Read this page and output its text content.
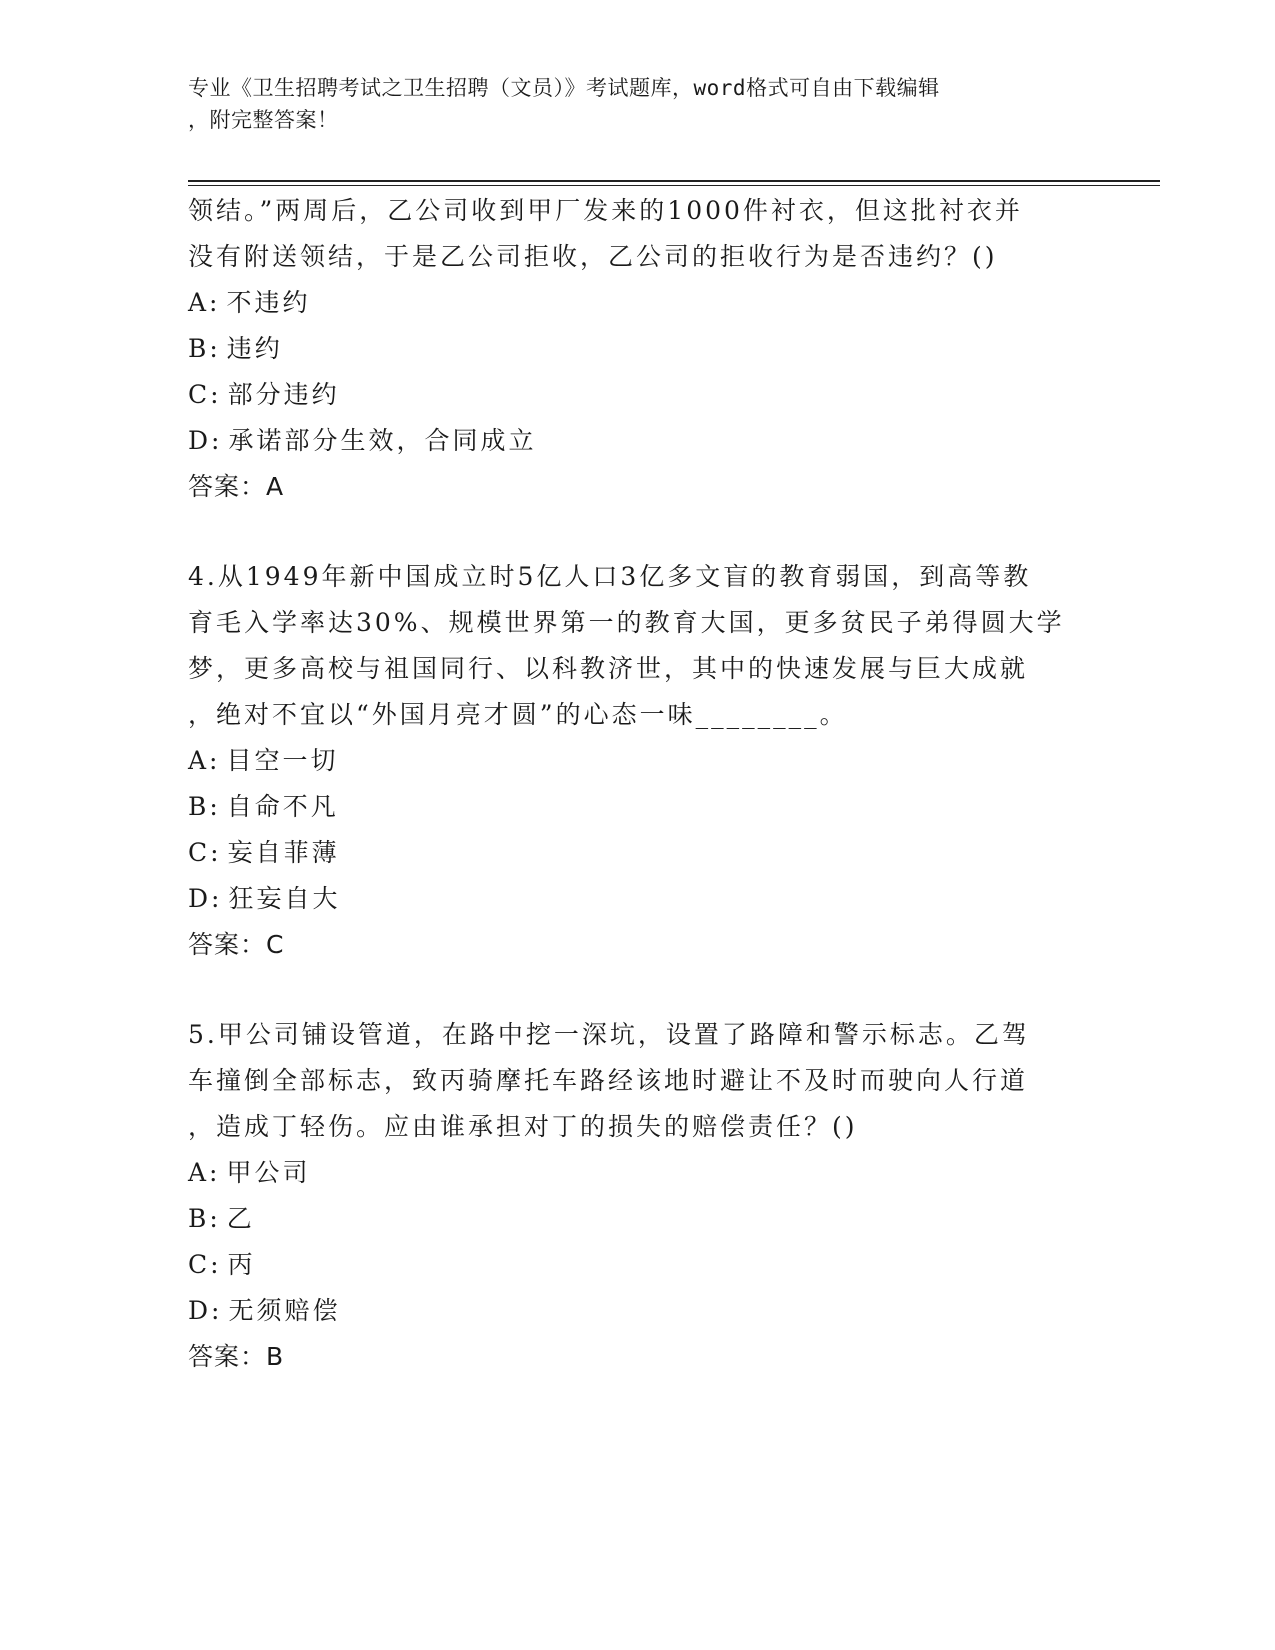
专业《卫生招聘考试之卫生招聘（文员）》考试题库，word格式可自由下载编辑
，附完整答案！
领结。”两周后，乙公司收到甲厂发来的1000件衬衣，但这批衬衣并
没有附送领结，于是乙公司拒收，乙公司的拒收行为是否违约？()
A: 不违约
B: 违约
C: 部分违约
D: 承诺部分生效，合同成立
答案：A
4.从1949年新中国成立时5亿人口3亿多文盲的教育弱国，到高等教
育毛入学率达30%、规模世界第一的教育大国，更多贫民子弟得圆大学
梦，更多高校与祖国同行、以科教济世，其中的快速发展与巨大成就
，绝对不宜以“外国月亮才圆”的心态一味________。
A: 目空一切
B: 自命不凡
C: 妄自菲薄
D: 狂妄自大
答案：C
5.甲公司铺设管道，在路中挖一深坑，设置了路障和警示标志。乙驾
车撞倒全部标志，致丙骑摩托车路经该地时避让不及时而驶向人行道
，造成丁轻伤。应由谁承担对丁的损失的赔偿责任？()
A: 甲公司
B: 乙
C: 丙
D: 无须赔偿
答案：B
